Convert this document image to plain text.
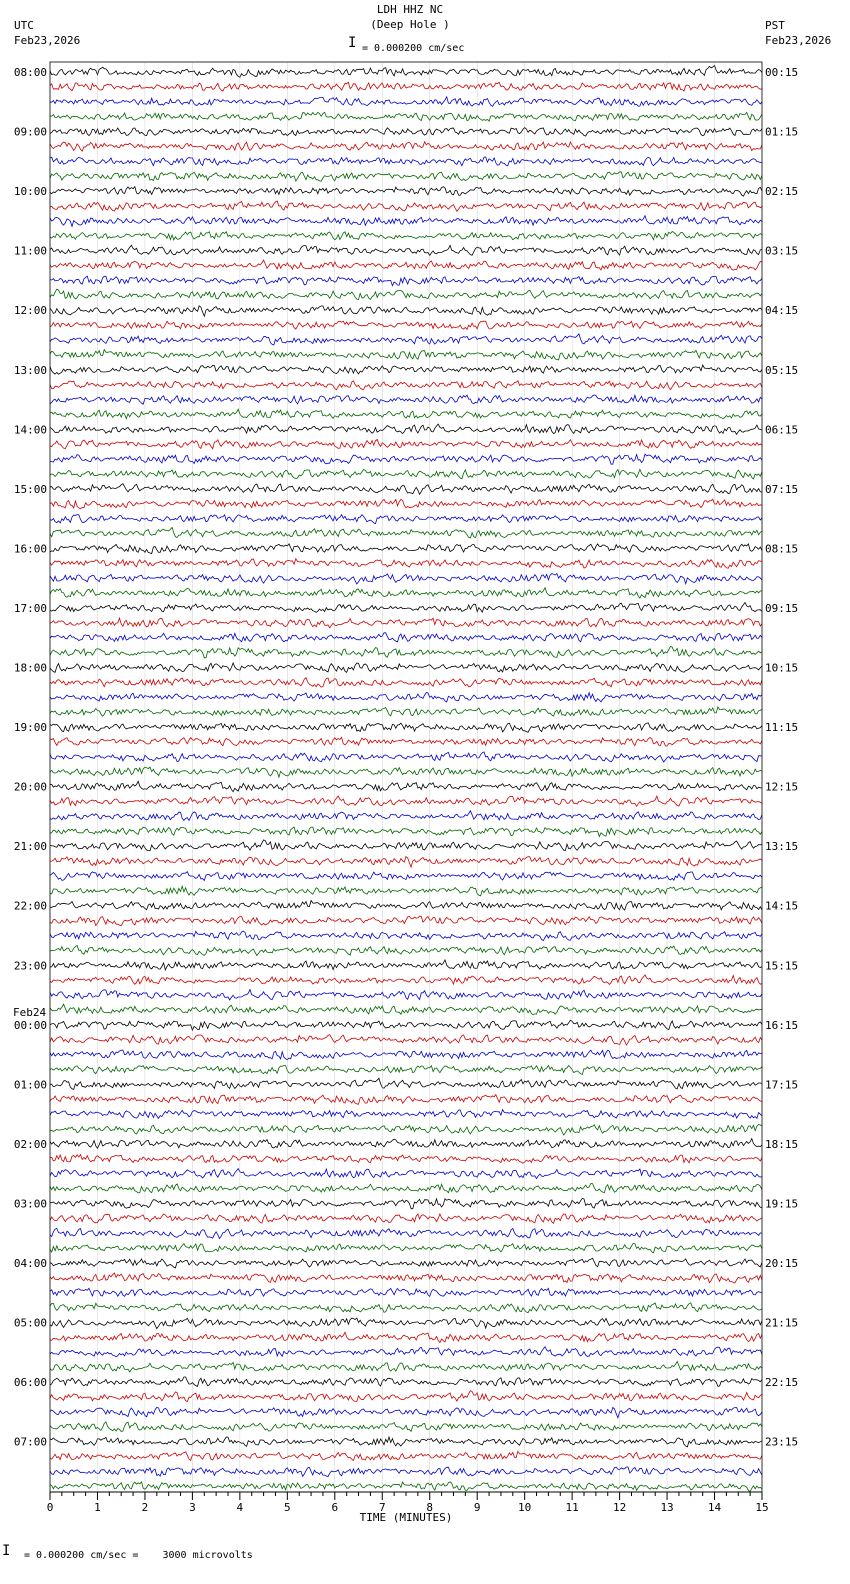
LDH HHZ NC
(Deep Hole )
I = 0.000200 cm/sec
UTC
Feb23,2026
PST
Feb23,2026
0	1	2	3	4	5	6	7	8	9	10	11	12	13	14	15
TIME (MINUTES)
08:00
09:00
10:00
11:00
12:00
13:00
14:00
15:00
16:00
17:00
18:00
19:00
20:00
21:00
22:00
23:00
00:00
Feb24
01:00
02:00
03:00
04:00
05:00
06:00
07:00
00:15
01:15
02:15
03:15
04:15
05:15
06:15
07:15
08:15
09:15
10:15
11:15
12:15
13:15
14:15
15:15
16:15
17:15
18:15
19:15
20:15
21:15
22:15
23:15
I = 0.000200 cm/sec =    3000 microvolts
